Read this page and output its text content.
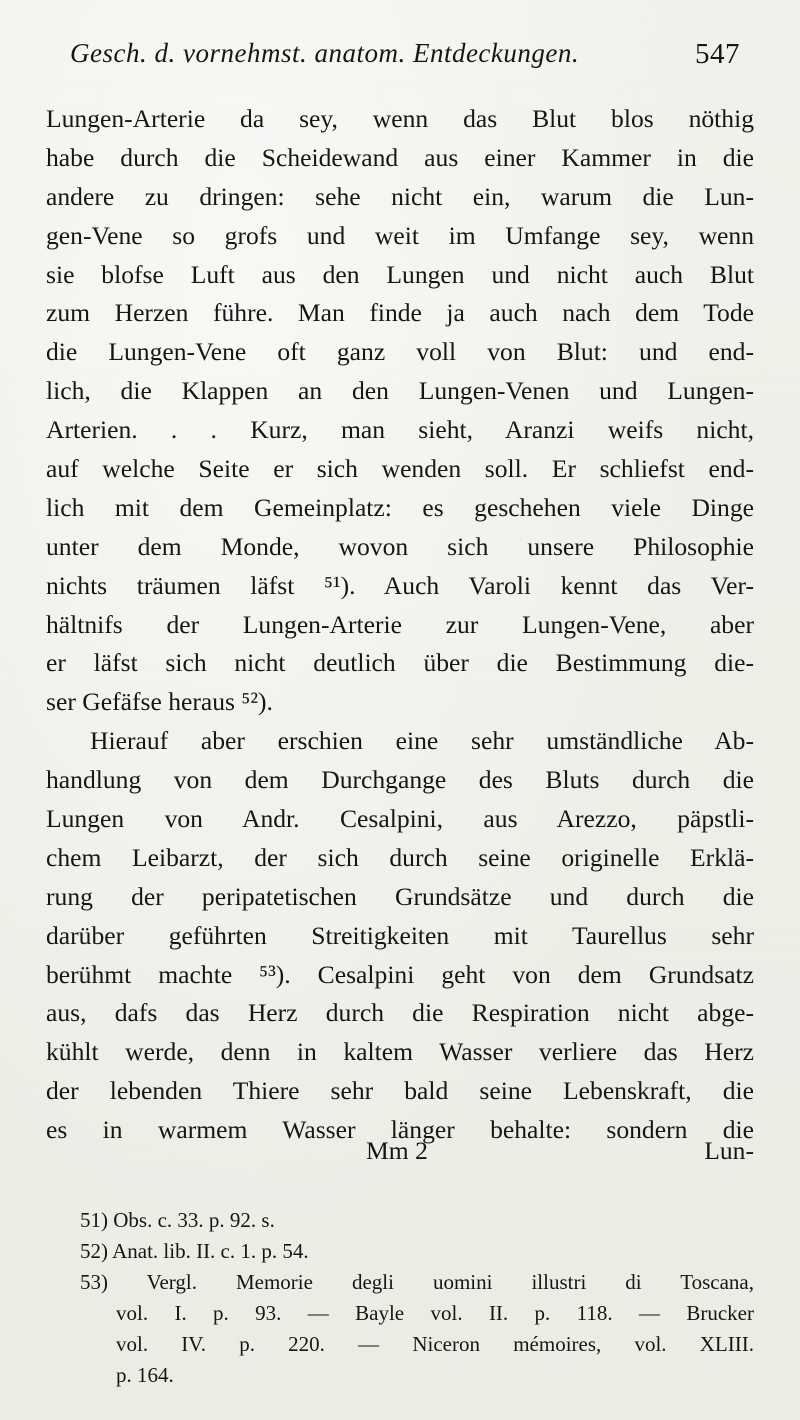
Gesch. d. vornehmst. anatom. Entdeckungen.	547
Lungen-Arterie da sey, wenn das Blut blos nöthig
habe durch die Scheidewand aus einer Kammer in die
andere zu dringen: sehe nicht ein, warum die Lun-
gen-Vene so grofs und weit im Umfange sey, wenn
sie blofse Luft aus den Lungen und nicht auch Blut
zum Herzen führe. Man finde ja auch nach dem Tode
die Lungen-Vene oft ganz voll von Blut: und end-
lich, die Klappen an den Lungen-Venen und Lungen-
Arterien. . . Kurz, man sieht, Aranzi weifs nicht,
auf welche Seite er sich wenden soll. Er schliefst end-
lich mit dem Gemeinplatz: es geschehen viele Dinge
unter dem Monde, wovon sich unsere Philosophie
nichts träumen läfst ⁵¹). Auch Varoli kennt das Ver-
hältnifs der Lungen-Arterie zur Lungen-Vene, aber
er läfst sich nicht deutlich über die Bestimmung die-
ser Gefäfse heraus ⁵²).
Hierauf aber erschien eine sehr umständliche Ab-
handlung von dem Durchgange des Bluts durch die
Lungen von Andr. Cesalpini, aus Arezzo, päpstli-
chem Leibarzt, der sich durch seine originelle Erklä-
rung der peripatetischen Grundsätze und durch die
darüber geführten Streitigkeiten mit Taurellus sehr
berühmt machte ⁵³). Cesalpini geht von dem Grundsatz
aus, dafs das Herz durch die Respiration nicht abge-
kühlt werde, denn in kaltem Wasser verliere das Herz
der lebenden Thiere sehr bald seine Lebenskraft, die
es in warmem Wasser länger behalte: sondern die
Mm 2	Lun-
51) Obs. c. 33. p. 92. s.
52) Anat. lib. II. c. 1. p. 54.
53) Vergl. Memorie degli uomini illustri di Toscana,
vol. I. p. 93. — Bayle vol. II. p. 118. — Brucker
vol. IV. p. 220. — Niceron mémoires, vol. XLIII.
p. 164.
